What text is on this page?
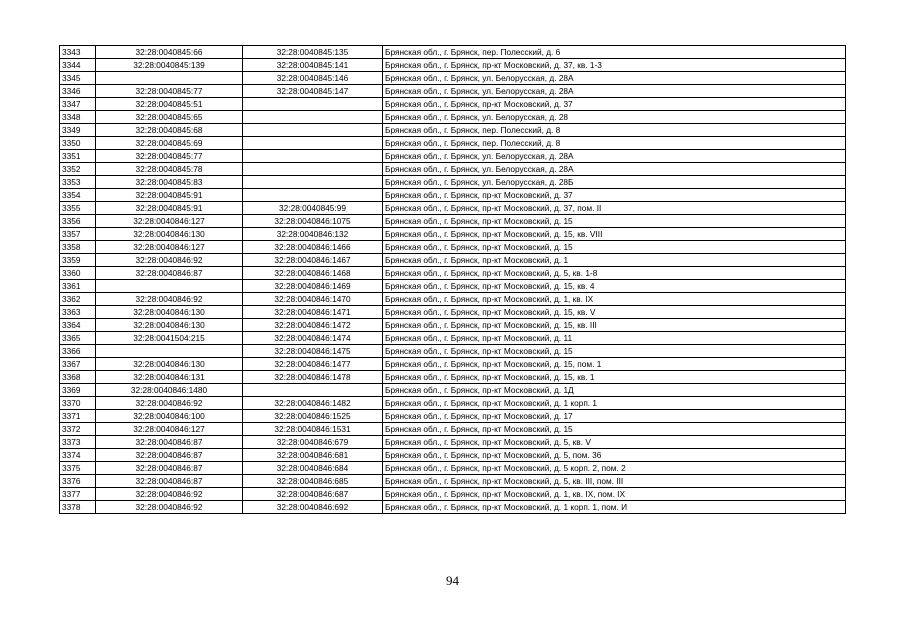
3343	32:28:0040845:66	32:28:0040845:135	Брянская обл., г. Брянск, пер. Полесский, д. 6
3344	32:28:0040845:139	32:28:0040845:141	Брянская обл., г. Брянск, пр-кт Московский, д. 37, кв. 1-3
3345		32:28:0040845:146	Брянская обл., г. Брянск, ул. Белорусская, д. 28А
3346	32:28:0040845:77	32:28:0040845:147	Брянская обл., г. Брянск, ул. Белорусская, д. 28А
3347	32:28:0040845:51		Брянская обл., г. Брянск, пр-кт Московский, д. 37
3348	32:28:0040845:65		Брянская обл., г. Брянск, ул. Белорусская, д. 28
3349	32:28:0040845:68		Брянская обл., г. Брянск, пер. Полесский, д. 8
3350	32:28:0040845:69		Брянская обл., г. Брянск, пер. Полесский, д. 8
3351	32:28:0040845:77		Брянская обл., г. Брянск, ул. Белорусская, д. 28А
3352	32:28:0040845:78		Брянская обл., г. Брянск, ул. Белорусская, д. 28А
3353	32:28:0040845:83		Брянская обл., г. Брянск, ул. Белорусская, д. 28Б
3354	32:28:0040845:91		Брянская обл., г. Брянск, пр-кт Московский, д. 37
3355	32:28:0040845:91	32:28:0040845:99	Брянская обл., г. Брянск, пр-кт Московский, д. 37, пом. II
3356	32:28:0040846:127	32:28:0040846:1075	Брянская обл., г. Брянск, пр-кт Московский, д. 15
3357	32:28:0040846:130	32:28:0040846:132	Брянская обл., г. Брянск, пр-кт Московский, д. 15, кв. VIII
3358	32:28:0040846:127	32:28:0040846:1466	Брянская обл., г. Брянск, пр-кт Московский, д. 15
3359	32:28:0040846:92	32:28:0040846:1467	Брянская обл., г. Брянск, пр-кт Московский, д. 1
3360	32:28:0040846:87	32:28:0040846:1468	Брянская обл., г. Брянск, пр-кт Московский, д. 5, кв. 1-8
3361		32:28:0040846:1469	Брянская обл., г. Брянск, пр-кт Московский, д. 15, кв. 4
3362	32:28:0040846:92	32:28:0040846:1470	Брянская обл., г. Брянск, пр-кт Московский, д. 1, кв. IX
3363	32:28:0040846:130	32:28:0040846:1471	Брянская обл., г. Брянск, пр-кт Московский, д. 15, кв. V
3364	32:28:0040846:130	32:28:0040846:1472	Брянская обл., г. Брянск, пр-кт Московский, д. 15, кв. III
3365	32:28:0041504:215	32:28:0040846:1474	Брянская обл., г. Брянск, пр-кт Московский, д. 11
3366		32:28:0040846:1475	Брянская обл., г. Брянск, пр-кт Московский, д. 15
3367	32:28:0040846:130	32:28:0040846:1477	Брянская обл., г. Брянск, пр-кт Московский, д. 15, пом. 1
3368	32:28:0040846:131	32:28:0040846:1478	Брянская обл., г. Брянск, пр-кт Московский, д. 15, кв. 1
3369	32:28:0040846:1480		Брянская обл., г. Брянск, пр-кт Московский, д. 1Д
3370	32:28:0040846:92	32:28:0040846:1482	Брянская обл., г. Брянск, пр-кт Московский, д. 1 корп. 1
3371	32:28:0040846:100	32:28:0040846:1525	Брянская обл., г. Брянск, пр-кт Московский, д. 17
3372	32:28:0040846:127	32:28:0040846:1531	Брянская обл., г. Брянск, пр-кт Московский, д. 15
3373	32:28:0040846:87	32:28:0040846:679	Брянская обл., г. Брянск, пр-кт Московский, д. 5, кв. V
3374	32:28:0040846:87	32:28:0040846:681	Брянская обл., г. Брянск, пр-кт Московский, д. 5, пом. 36
3375	32:28:0040846:87	32:28:0040846:684	Брянская обл., г. Брянск, пр-кт Московский, д. 5 корп. 2, пом. 2
3376	32:28:0040846:87	32:28:0040846:685	Брянская обл., г. Брянск, пр-кт Московский, д. 5, кв. III, пом. III
3377	32:28:0040846:92	32:28:0040846:687	Брянская обл., г. Брянск, пр-кт Московский, д. 1, кв. IX, пом. IX
3378	32:28:0040846:92	32:28:0040846:692	Брянская обл., г. Брянск, пр-кт Московский, д. 1 корп. 1, пом. И
94
